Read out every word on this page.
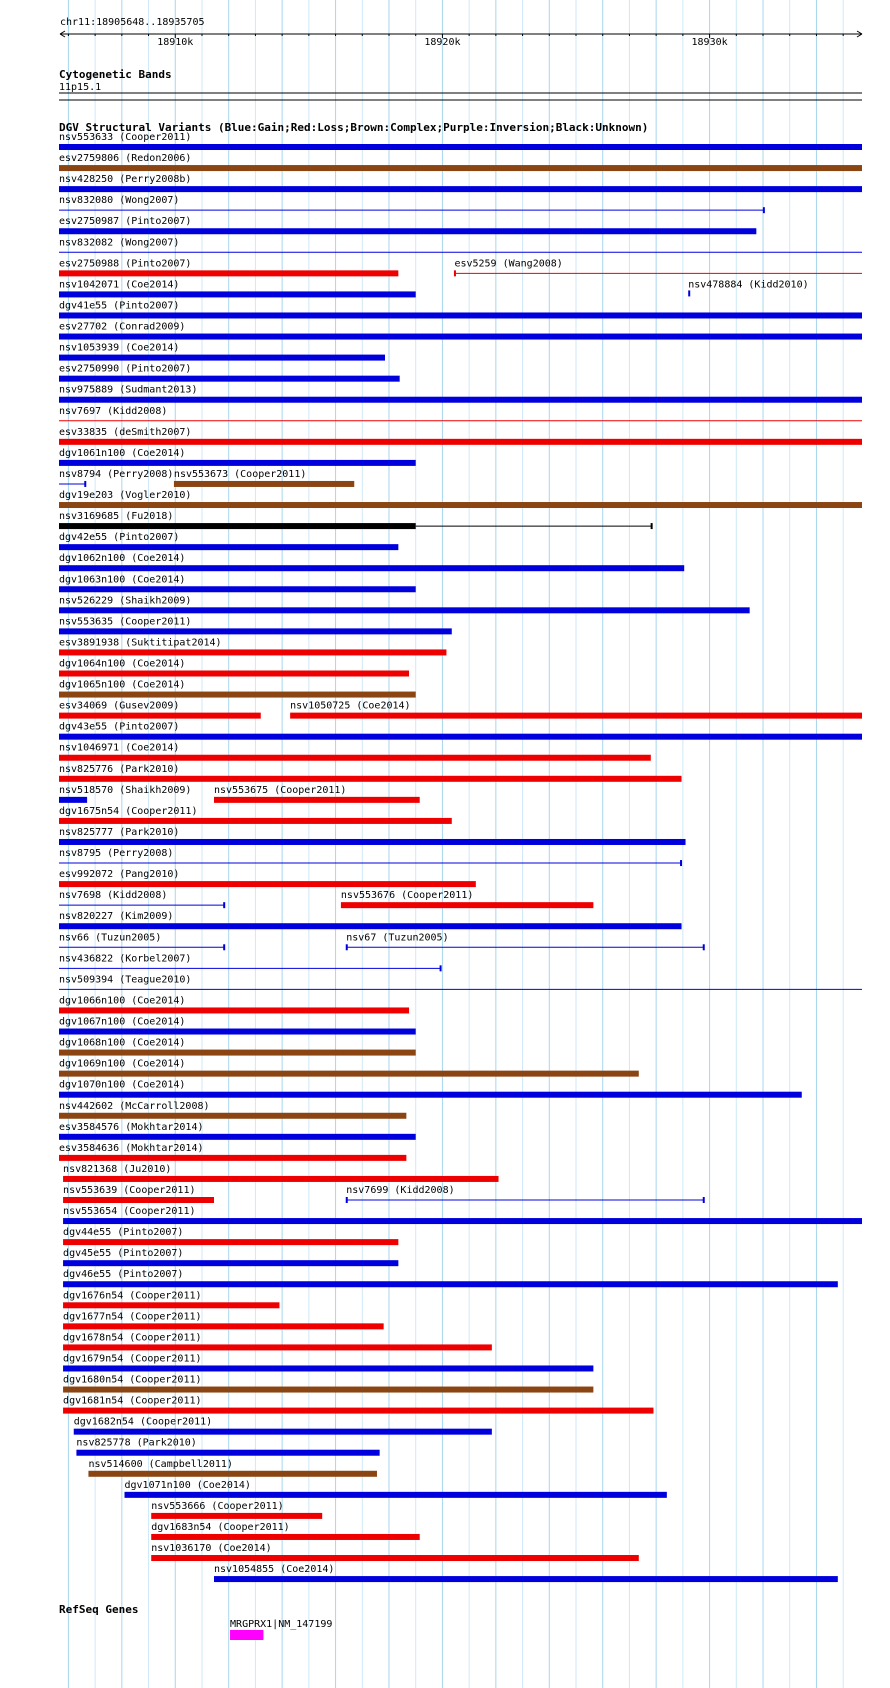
chr11:18905648..18935705
18910k	18920k	18930k
Cytogenetic Bands
11p15.1
DGV Structural Variants (Blue:Gain;Red:Loss;Brown:Complex;Purple:Inversion;Black:Unknown)
nsv553633 (Cooper2011)
esv2759806 (Redon2006)
nsv428250 (Perry2008b)
nsv832080 (Wong2007)
esv2750987 (Pinto2007)
nsv832082 (Wong2007)
esv2750988 (Pinto2007)	esv5259 (Wang2008)
nsv1042071 (Coe2014)	nsv478884 (Kidd2010)
dgv41e55 (Pinto2007)
esv27702 (Conrad2009)
nsv1053939 (Coe2014)
esv2750990 (Pinto2007)
nsv975889 (Sudmant2013)
nsv7697 (Kidd2008)
esv33835 (deSmith2007)
dgv1061n100 (Coe2014)
nsv8794 (Perry2008) nsv553673 (Cooper2011)
dgv19e203 (Vogler2010)
nsv3169685 (Fu2018)
dgv42e55 (Pinto2007)
dgv1062n100 (Coe2014)
dgv1063n100 (Coe2014)
nsv526229 (Shaikh2009)
nsv553635 (Cooper2011)
esv3891938 (Suktitipat2014)
dgv1064n100 (Coe2014)
dgv1065n100 (Coe2014)
esv34069 (Gusev2009)	nsv1050725 (Coe2014)
dgv43e55 (Pinto2007)
nsv1046971 (Coe2014)
nsv825776 (Park2010)
nsv518570 (Shaikh2009) nsv553675 (Cooper2011)
dgv1675n54 (Cooper2011)
nsv825777 (Park2010)
nsv8795 (Perry2008)
esv992072 (Pang2010)
nsv7698 (Kidd2008)	nsv553676 (Cooper2011)
nsv820227 (Kim2009)
nsv66 (Tuzun2005)	nsv67 (Tuzun2005)
nsv436822 (Korbel2007)
nsv509394 (Teague2010)
dgv1066n100 (Coe2014)
dgv1067n100 (Coe2014)
dgv1068n100 (Coe2014)
dgv1069n100 (Coe2014)
dgv1070n100 (Coe2014)
nsv442602 (McCarroll2008)
esv3584576 (Mokhtar2014)
esv3584636 (Mokhtar2014)
nsv821368 (Ju2010)
nsv553639 (Cooper2011)	nsv7699 (Kidd2008)
nsv553654 (Cooper2011)
dgv44e55 (Pinto2007)
dgv45e55 (Pinto2007)
dgv46e55 (Pinto2007)
dgv1676n54 (Cooper2011)
dgv1677n54 (Cooper2011)
dgv1678n54 (Cooper2011)
dgv1679n54 (Cooper2011)
dgv1680n54 (Cooper2011)
dgv1681n54 (Cooper2011)
dgv1682n54 (Cooper2011)
nsv825778 (Park2010)
nsv514600 (Campbell2011)
dgv1071n100 (Coe2014)
nsv553666 (Cooper2011)
dgv1683n54 (Cooper2011)
nsv1036170 (Coe2014)
nsv1054855 (Coe2014)
RefSeq Genes
MRGPRX1|NM_147199
